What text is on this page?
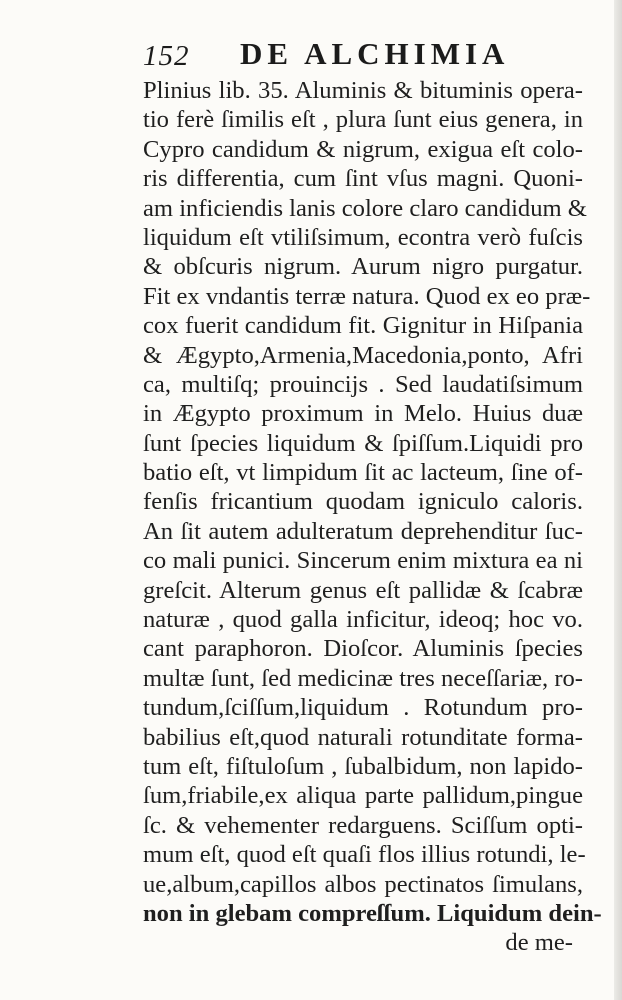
152 DE ALCHIMIA
Plinius lib. 35. Aluminis & bituminis opera-
tio ferè ſimilis eſt , plura ſunt eius genera, in
Cypro candidum & nigrum, exigua eſt colo-
ris differentia, cum ſint vſus magni. Quoni-
am inficiendis lanis colore claro candidum &
liquidum eſt vtiliſsimum, econtra verò fuſcis
& obſcuris nigrum. Aurum nigro purgatur.
Fit ex vndantis terræ natura. Quod ex eo præ-
cox fuerit candidum fit. Gignitur in Hiſpania
& Ægypto,Armenia,Macedonia,ponto, Afri
ca, multiſq; prouincijs . Sed laudatiſsimum
in Ægypto proximum in Melo. Huius duæ
ſunt ſpecies liquidum & ſpiſſum.Liquidi pro
batio eſt, vt limpidum ſit ac lacteum, ſine of-
fenſis fricantium quodam igniculo caloris.
An ſit autem adulteratum deprehenditur ſuc-
co mali punici. Sincerum enim mixtura ea ni
greſcit. Alterum genus eſt pallidæ & ſcabræ
naturæ , quod galla inficitur, ideoq; hoc vo.
cant paraphoron. Dioſcor. Aluminis ſpecies
multæ ſunt, ſed medicinæ tres neceſſariæ, ro-
tundum,ſciſſum,liquidum . Rotundum pro-
babilius eſt,quod naturali rotunditate forma-
tum eſt, fiſtuloſum , ſubalbidum, non lapido-
ſum,friabile,ex aliqua parte pallidum,pingue
ſc. & vehementer redarguens. Sciſſum opti-
mum eſt, quod eſt quaſi flos illius rotundi, le-
ue,album,capillos albos pectinatos ſimulans,
non in glebam compreſſum. Liquidum dein-
de me-
